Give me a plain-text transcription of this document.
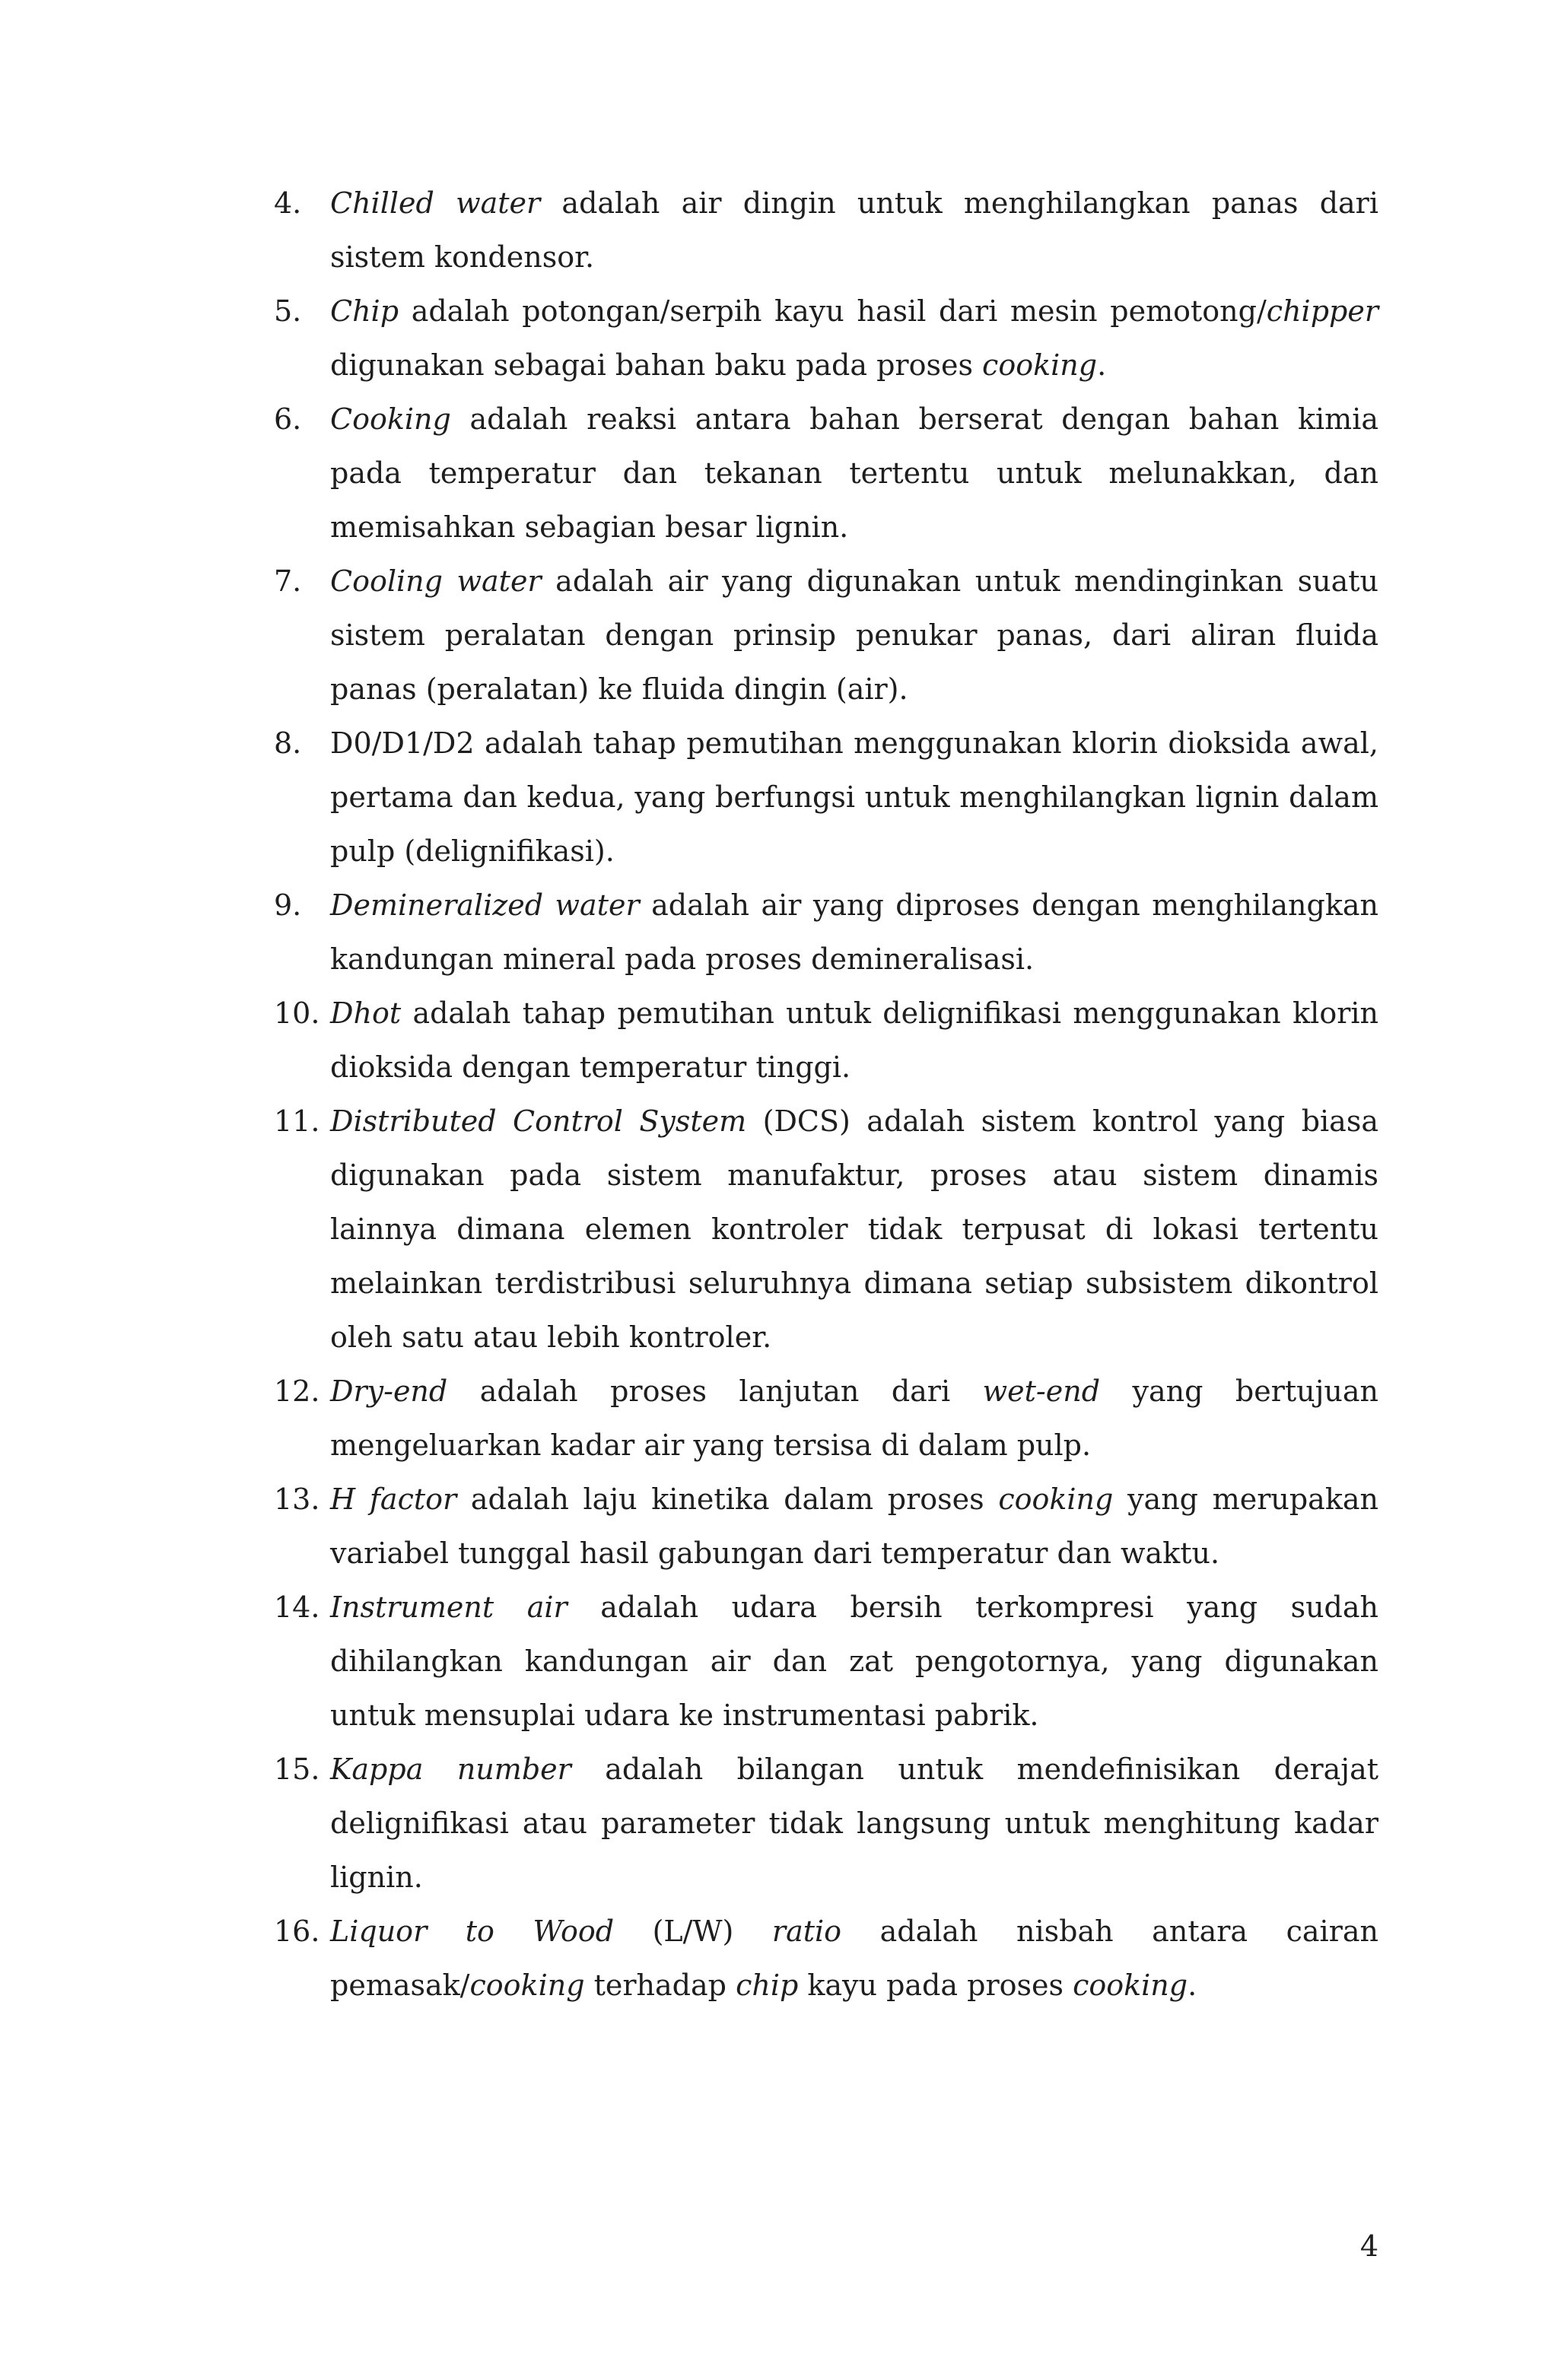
4. Chilled water adalah air dingin untuk menghilangkan panas dari sistem kondensor.
5. Chip adalah potongan/serpih kayu hasil dari mesin pemotong/chipper digunakan sebagai bahan baku pada proses cooking.
6. Cooking adalah reaksi antara bahan berserat dengan bahan kimia pada temperatur dan tekanan tertentu untuk melunakkan, dan memisahkan sebagian besar lignin.
7. Cooling water adalah air yang digunakan untuk mendinginkan suatu sistem peralatan dengan prinsip penukar panas, dari aliran fluida panas (peralatan) ke fluida dingin (air).
8. D0/D1/D2 adalah tahap pemutihan menggunakan klorin dioksida awal, pertama dan kedua, yang berfungsi untuk menghilangkan lignin dalam pulp (delignifikasi).
9. Demineralized water adalah air yang diproses dengan menghilangkan kandungan mineral pada proses demineralisasi.
10. Dhot adalah tahap pemutihan untuk delignifikasi menggunakan klorin dioksida dengan temperatur tinggi.
11. Distributed Control System (DCS) adalah sistem kontrol yang biasa digunakan pada sistem manufaktur, proses atau sistem dinamis lainnya dimana elemen kontroler tidak terpusat di lokasi tertentu melainkan terdistribusi seluruhnya dimana setiap subsistem dikontrol oleh satu atau lebih kontroler.
12. Dry-end adalah proses lanjutan dari wet-end yang bertujuan mengeluarkan kadar air yang tersisa di dalam pulp.
13. H factor adalah laju kinetika dalam proses cooking yang merupakan variabel tunggal hasil gabungan dari temperatur dan waktu.
14. Instrument air adalah udara bersih terkompresi yang sudah dihilangkan kandungan air dan zat pengotornya, yang digunakan untuk mensuplai udara ke instrumentasi pabrik.
15. Kappa number adalah bilangan untuk mendefinisikan derajat delignifikasi atau parameter tidak langsung untuk menghitung kadar lignin.
16. Liquor to Wood (L/W) ratio adalah nisbah antara cairan pemasak/cooking terhadap chip kayu pada proses cooking.
4
